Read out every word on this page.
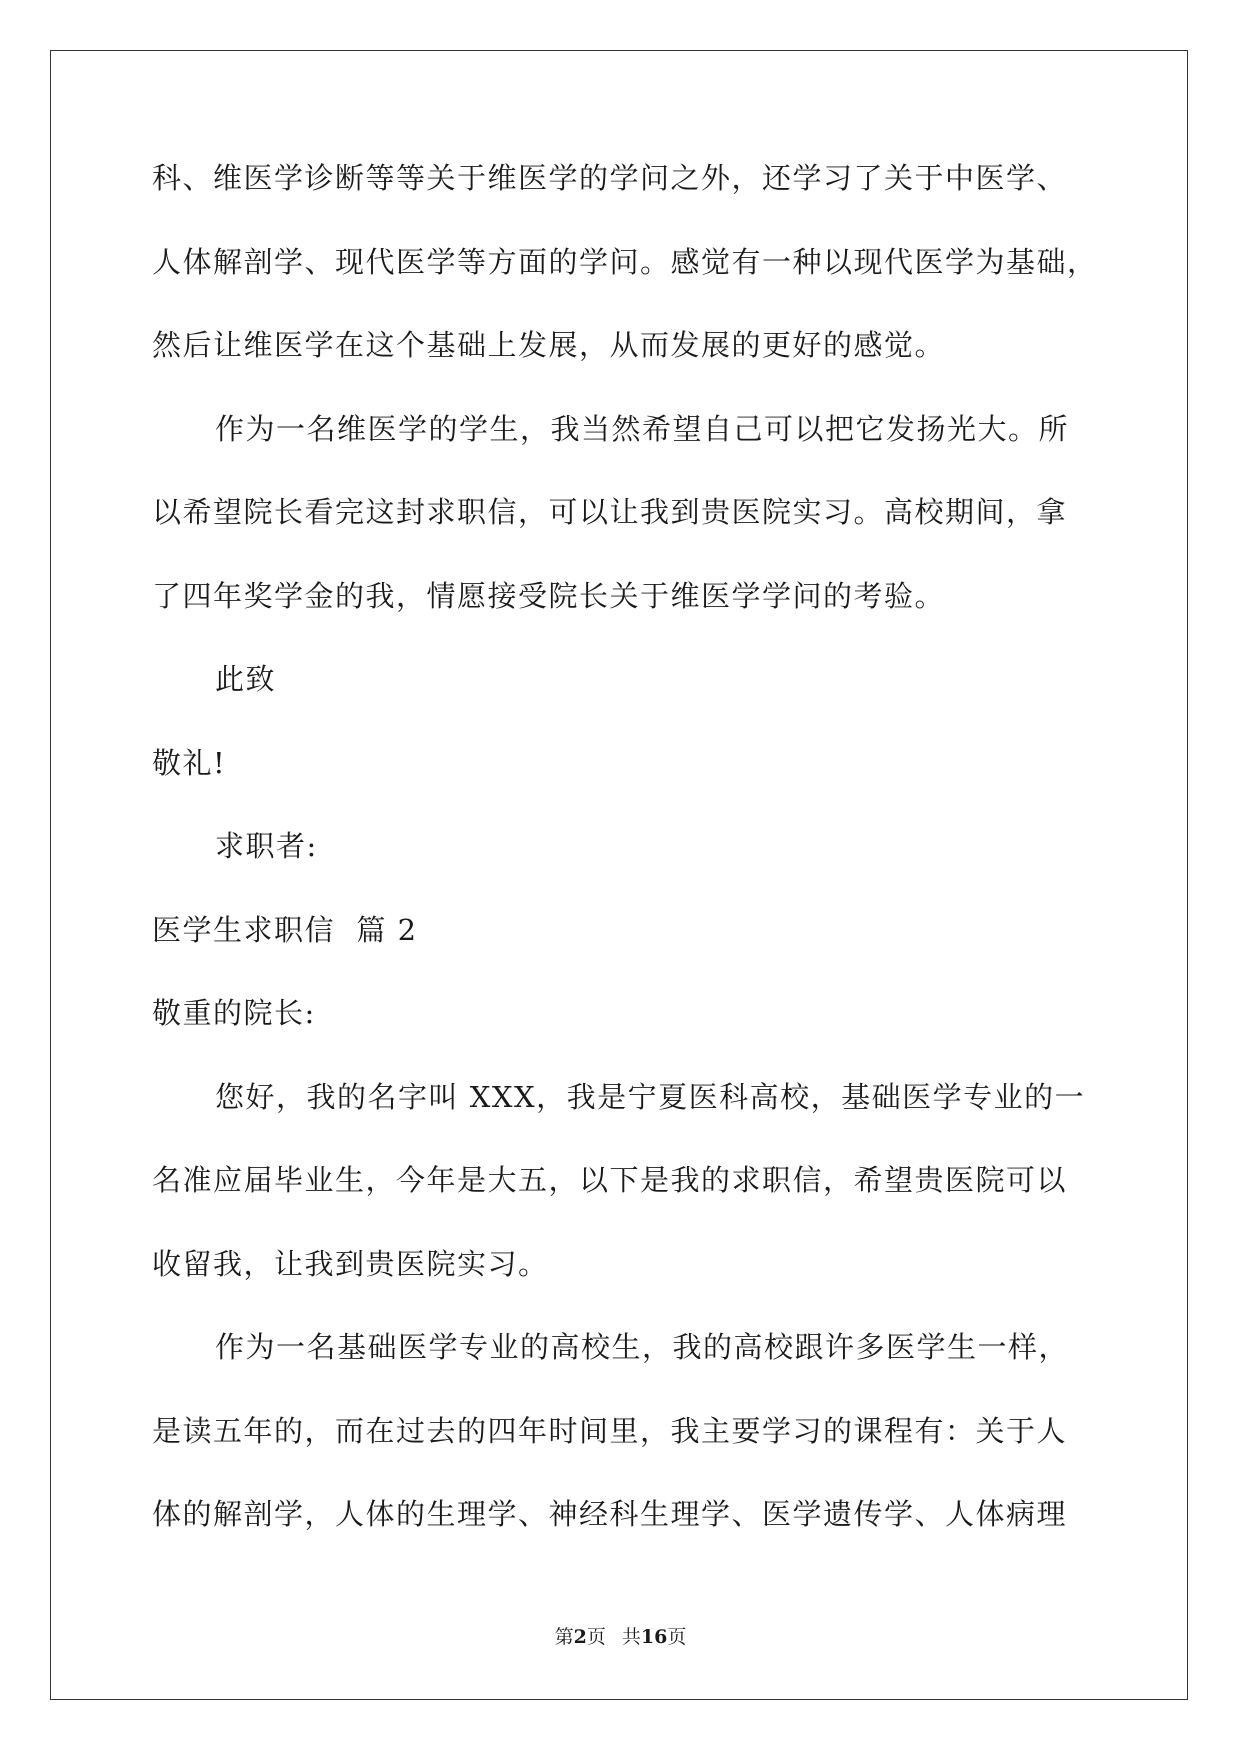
科、维医学诊断等等关于维医学的学问之外，还学习了关于中医学、
人体解剖学、现代医学等方面的学问。感觉有一种以现代医学为基础，
然后让维医学在这个基础上发展，从而发展的更好的感觉。
作为一名维医学的学生，我当然希望自己可以把它发扬光大。所
以希望院长看完这封求职信，可以让我到贵医院实习。高校期间，拿
了四年奖学金的我，情愿接受院长关于维医学学问的考验。
此致
敬礼!
求职者:
医学生求职信  篇 2
敬重的院长:
您好，我的名字叫 XXX，我是宁夏医科高校，基础医学专业的一
名准应届毕业生，今年是大五，以下是我的求职信，希望贵医院可以
收留我，让我到贵医院实习。
作为一名基础医学专业的高校生，我的高校跟许多医学生一样，
是读五年的，而在过去的四年时间里，我主要学习的课程有：关于人
体的解剖学，人体的生理学、神经科生理学、医学遗传学、人体病理
第2页 共16页
